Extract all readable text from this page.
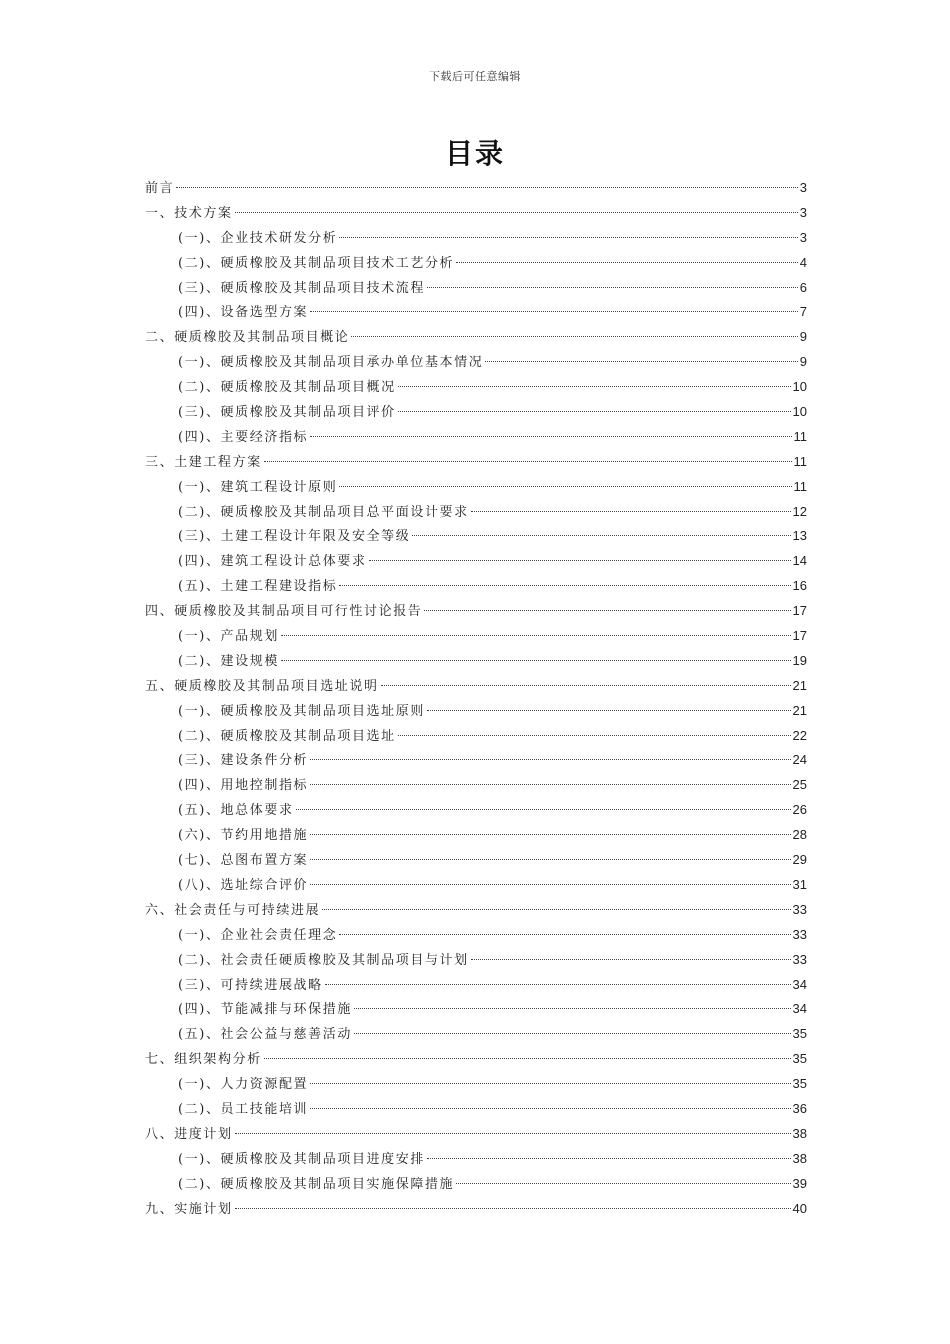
下载后可任意编辑
目录
前言	3
一、技术方案	3
(一)、企业技术研发分析	3
(二)、硬质橡胶及其制品项目技术工艺分析	4
(三)、硬质橡胶及其制品项目技术流程	6
(四)、设备选型方案	7
二、硬质橡胶及其制品项目概论	9
(一)、硬质橡胶及其制品项目承办单位基本情况	9
(二)、硬质橡胶及其制品项目概况	10
(三)、硬质橡胶及其制品项目评价	10
(四)、主要经济指标	11
三、土建工程方案	11
(一)、建筑工程设计原则	11
(二)、硬质橡胶及其制品项目总平面设计要求	12
(三)、土建工程设计年限及安全等级	13
(四)、建筑工程设计总体要求	14
(五)、土建工程建设指标	16
四、硬质橡胶及其制品项目可行性讨论报告	17
(一)、产品规划	17
(二)、建设规模	19
五、硬质橡胶及其制品项目选址说明	21
(一)、硬质橡胶及其制品项目选址原则	21
(二)、硬质橡胶及其制品项目选址	22
(三)、建设条件分析	24
(四)、用地控制指标	25
(五)、地总体要求	26
(六)、节约用地措施	28
(七)、总图布置方案	29
(八)、选址综合评价	31
六、社会责任与可持续进展	33
(一)、企业社会责任理念	33
(二)、社会责任硬质橡胶及其制品项目与计划	33
(三)、可持续进展战略	34
(四)、节能减排与环保措施	34
(五)、社会公益与慈善活动	35
七、组织架构分析	35
(一)、人力资源配置	35
(二)、员工技能培训	36
八、进度计划	38
(一)、硬质橡胶及其制品项目进度安排	38
(二)、硬质橡胶及其制品项目实施保障措施	39
九、实施计划	40
